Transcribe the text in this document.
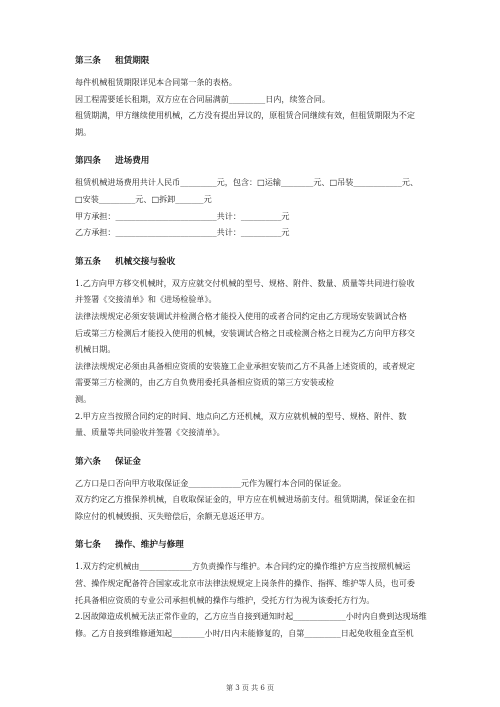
第三条 租赁期限
每件机械租赁期限详见本合同第一条的表格。
因工程需要延长租期，双方应在合同届满前_________日内，续签合同。
租赁期满，甲方继续使用机械，乙方没有提出异议的，原租赁合同继续有效，但租赁期限为不定
期。
第四条 进场费用
租赁机械进场费用共计人民币_________元，包含：□运输________元、□吊装____________元、
□安装_________元、□拆卸_______元
甲方承担：_________________________共计：__________元
乙方承担：_________________________共计：__________元
第五条 机械交接与验收
1.乙方向甲方移交机械时，双方应就交付机械的型号、规格、附件、数量、质量等共同进行验收
并签署《交接清单》和《进场检验单》。
法律法规规定必须安装调试并检测合格才能投入使用的或者合同约定由乙方现场安装调试合格
后或第三方检测后才能投入使用的机械，安装调试合格之日或检测合格之日视为乙方向甲方移交
机械日期。
法律法规规定必须由具备相应资质的安装施工企业承担安装而乙方不具备上述资质的，或者规定
需要第三方检测的，由乙方自负费用委托具备相应资质的第三方安装或检
测。
2.甲方应当按照合同约定的时间、地点向乙方还机械，双方应就机械的型号、规格、附件、数
量、质量等共同验收并签署《交接清单》。
第六条 保证金
乙方口是口否向甲方收取保证金_____________元作为履行本合同的保证金。
双方约定乙方推保养机械，自收取保证金的，甲方应在机械进场前支付。租赁期满，保证金在扣
除应付的机械毁损、灭失赔偿后，余额无息返还甲方。
第七条 操作、维护与修理
1.双方约定机械由_____________方负责操作与维护。本合同约定的操作维护方应当按照机械运
营、操作规定配备符合国家或北京市法律法规规定上岗条件的操作、指挥、维护等人员，也可委
托具备相应资质的专业公司承担机械的操作与维护，受托方行为视为该委托方行为。
2.因故障造成机械无法正常作业的，乙方应当自接到通知时起_____________小时内自费到达现场维
修。乙方自接到维修通知起________小时/日内未能修复的，自第_________日起免收租金直至机
第 3 页 共 6 页
